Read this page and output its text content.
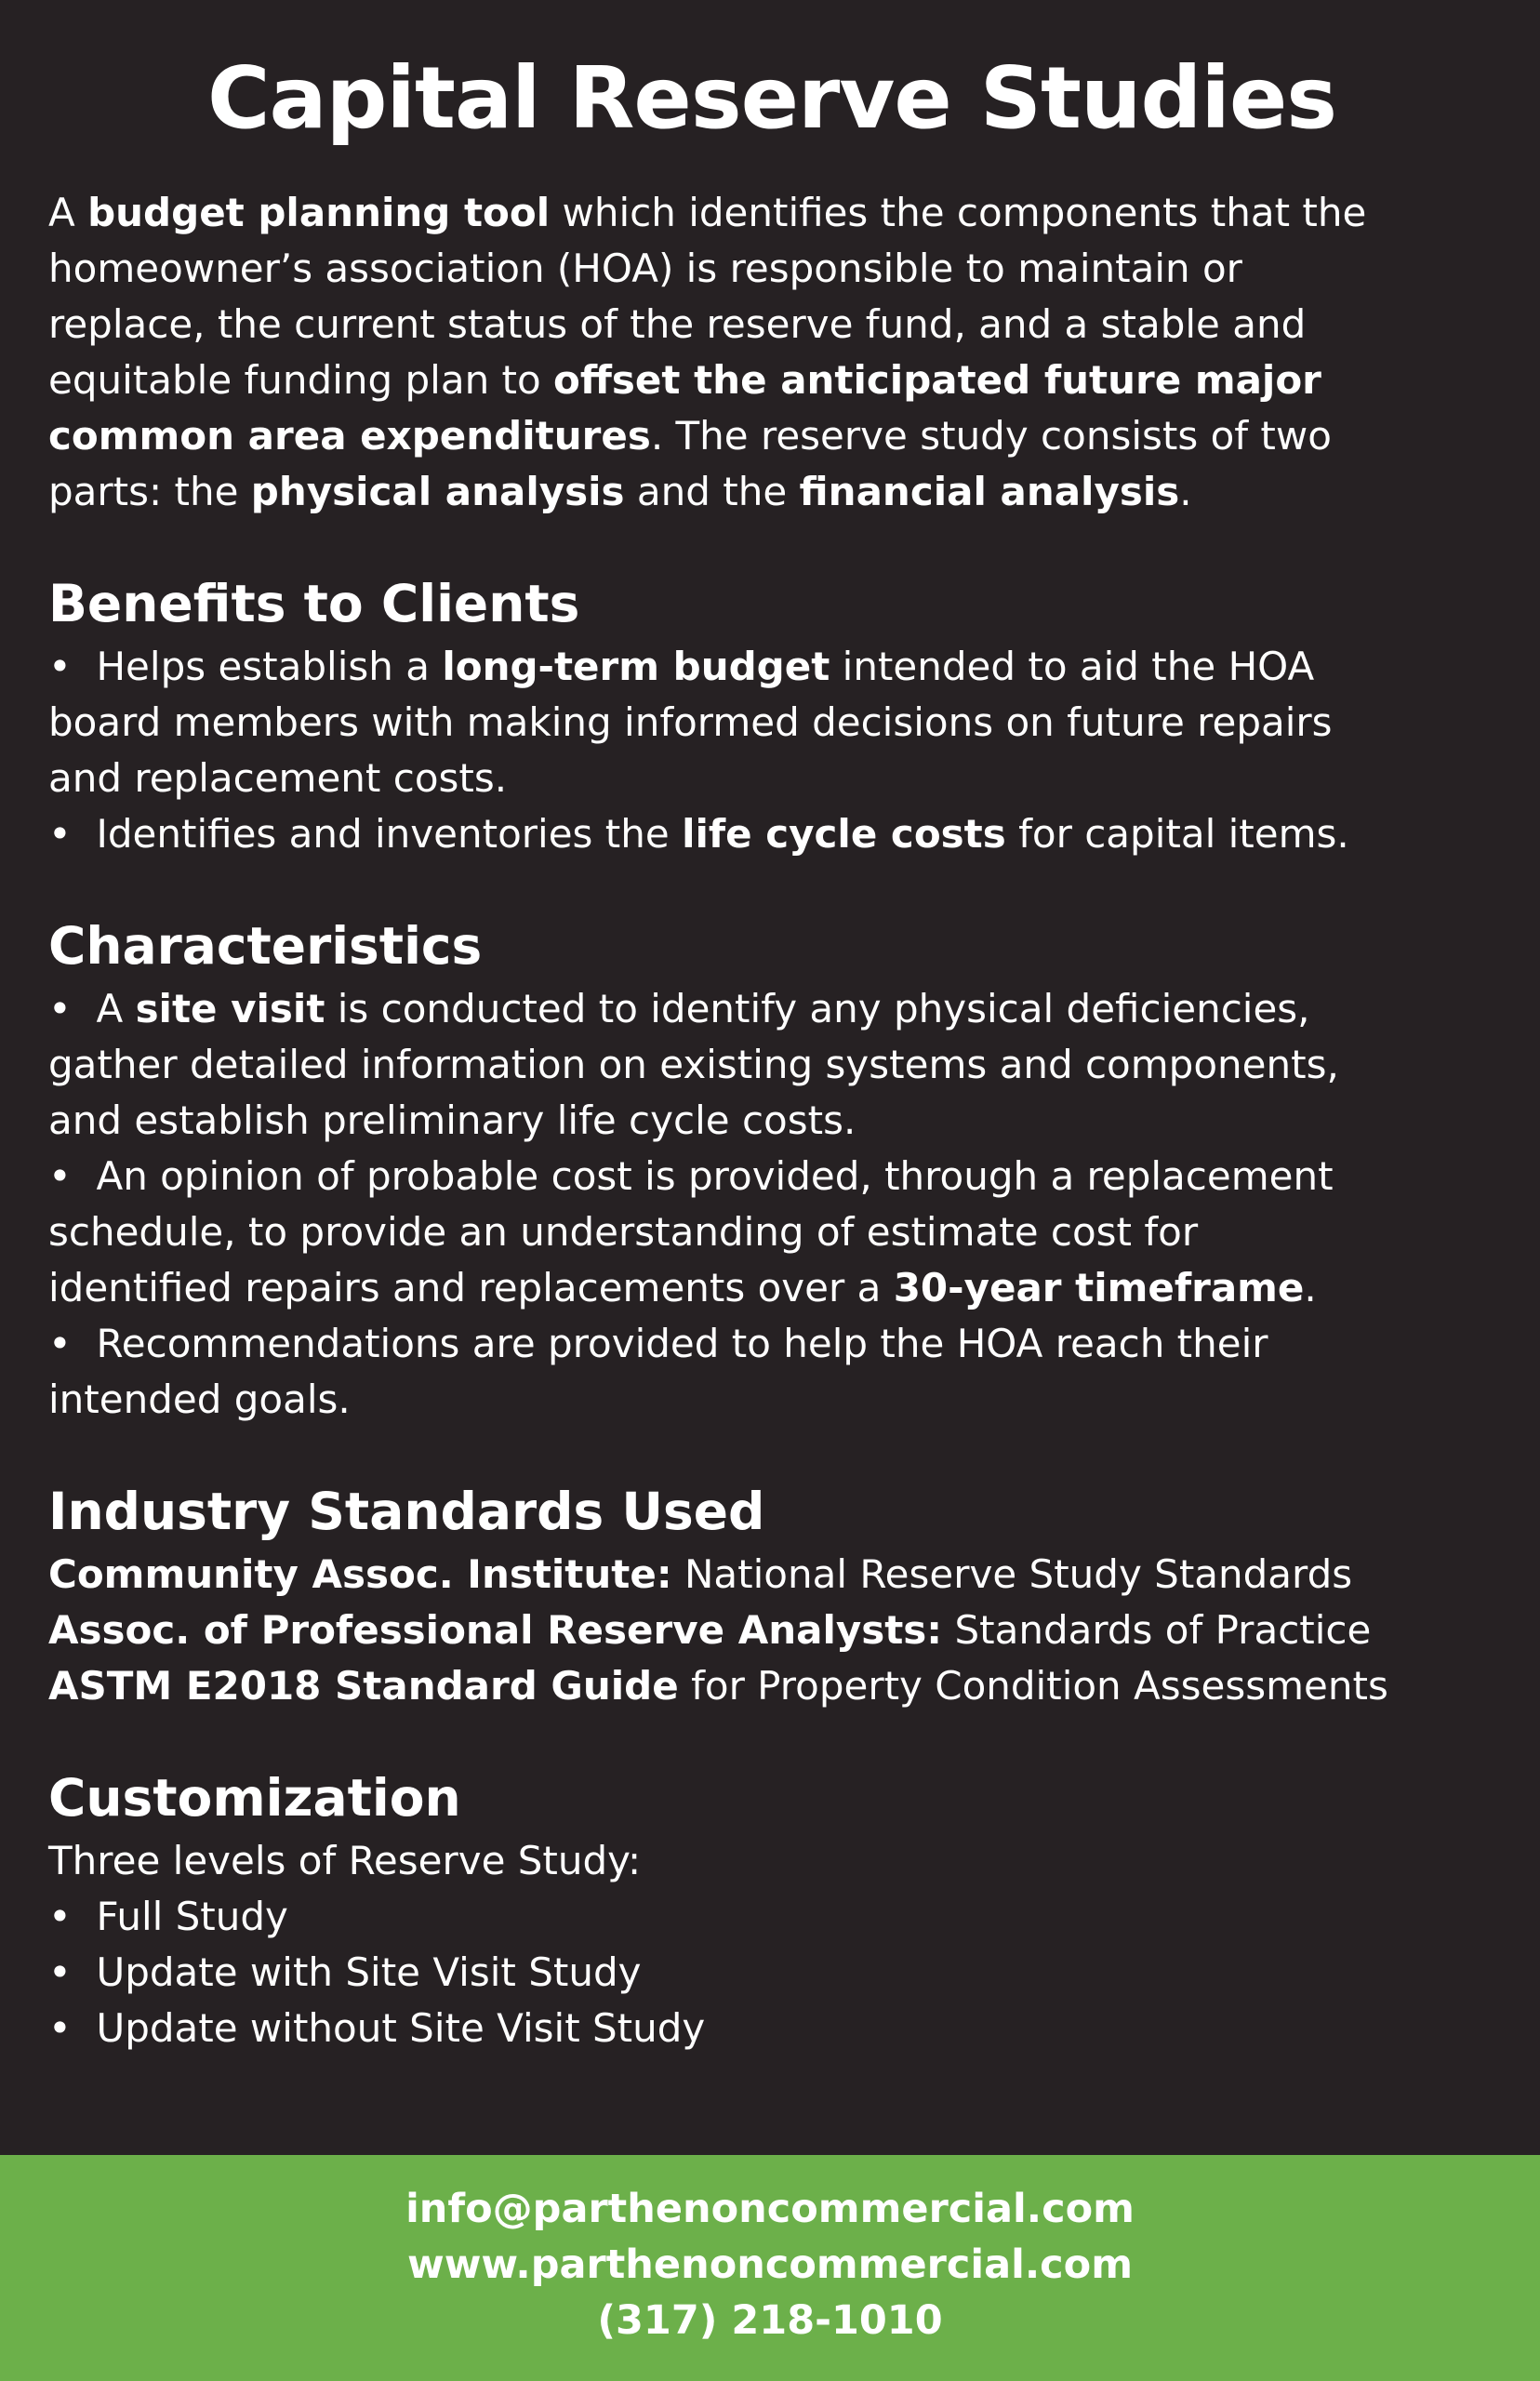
Capital Reserve Studies
A budget planning tool which identifies the components that the
homeowner’s association (HOA) is responsible to maintain or
replace, the current status of the reserve fund, and a stable and
equitable funding plan to offset the anticipated future major
common area expenditures. The reserve study consists of two
parts: the physical analysis and the financial analysis.
Benefits to Clients
•  Helps establish a long-term budget intended to aid the HOA
board members with making informed decisions on future repairs
and replacement costs.
•  Identifies and inventories the life cycle costs for capital items.
Characteristics
•  A site visit is conducted to identify any physical deficiencies,
gather detailed information on existing systems and components,
and establish preliminary life cycle costs.
•  An opinion of probable cost is provided, through a replacement
schedule, to provide an understanding of estimate cost for
identified repairs and replacements over a 30-year timeframe.
•  Recommendations are provided to help the HOA reach their
intended goals.
Industry Standards Used
Community Assoc. Institute: National Reserve Study Standards
Assoc. of Professional Reserve Analysts: Standards of Practice
ASTM E2018 Standard Guide for Property Condition Assessments
Customization
Three levels of Reserve Study:
•  Full Study
•  Update with Site Visit Study
•  Update without Site Visit Study
info@parthenoncommercial.com
www.parthenoncommercial.com
(317) 218-1010
